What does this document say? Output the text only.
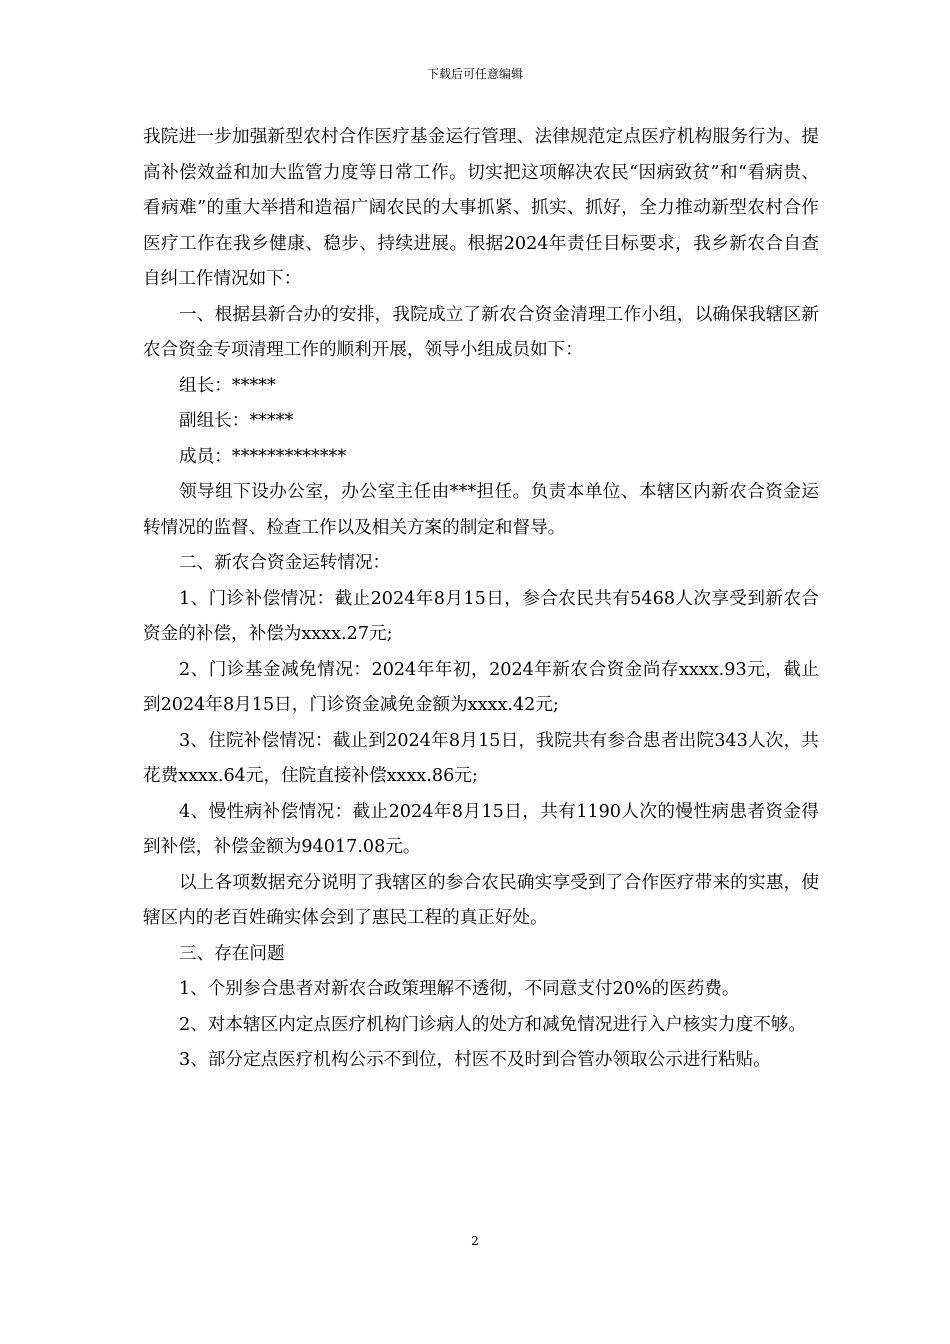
下载后可任意编辑

我院进一步加强新型农村合作医疗基金运行管理、法律规范定点医疗机构服务行为、提高补偿效益和加大监管力度等日常工作。切实把这项解决农民“因病致贫”和“看病贵、看病难”的重大举措和造福广阔农民的大事抓紧、抓实、抓好，全力推动新型农村合作医疗工作在我乡健康、稳步、持续进展。根据2024年责任目标要求，我乡新农合自查自纠工作情况如下：

一、根据县新合办的安排，我院成立了新农合资金清理工作小组，以确保我辖区新农合资金专项清理工作的顺利开展，领导小组成员如下：

组长：*****

副组长：*****

成员：*************

领导组下设办公室，办公室主任由***担任。负责本单位、本辖区内新农合资金运转情况的监督、检查工作以及相关方案的制定和督导。

二、新农合资金运转情况：

1、门诊补偿情况：截止2024年8月15日，参合农民共有5468人次享受到新农合资金的补偿，补偿为xxxx.27元;

2、门诊基金减免情况：2024年年初，2024年新农合资金尚存xxxx.93元，截止到2024年8月15日，门诊资金减免金额为xxxx.42元;

3、住院补偿情况：截止到2024年8月15日，我院共有参合患者出院343人次，共花费xxxx.64元，住院直接补偿xxxx.86元;

4、慢性病补偿情况：截止2024年8月15日，共有1190人次的慢性病患者资金得到补偿，补偿金额为94017.08元。

以上各项数据充分说明了我辖区的参合农民确实享受到了合作医疗带来的实惠，使辖区内的老百姓确实体会到了惠民工程的真正好处。

三、存在问题

1、个别参合患者对新农合政策理解不透彻，不同意支付20%的医药费。

2、对本辖区内定点医疗机构门诊病人的处方和减免情况进行入户核实力度不够。

3、部分定点医疗机构公示不到位，村医不及时到合管办领取公示进行粘贴。

2
